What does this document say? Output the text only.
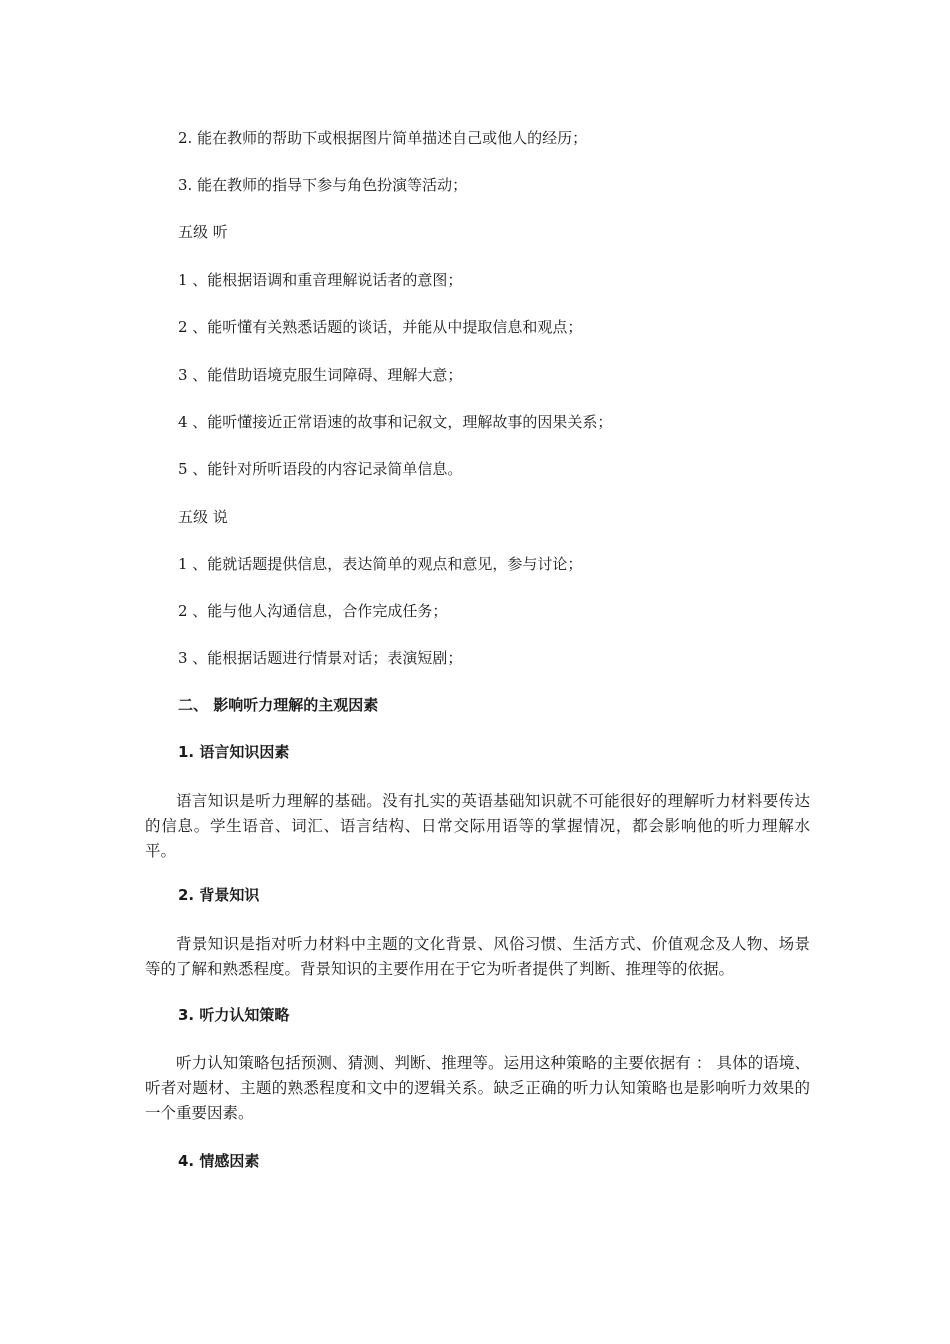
2. 能在教师的帮助下或根据图片简单描述自己或他人的经历；
3. 能在教师的指导下参与角色扮演等活动；
五级 听
1 、能根据语调和重音理解说话者的意图；
2 、能听懂有关熟悉话题的谈话，并能从中提取信息和观点；
3 、能借助语境克服生词障碍、理解大意；
4 、能听懂接近正常语速的故事和记叙文，理解故事的因果关系；
5 、能针对所听语段的内容记录简单信息。
五级 说
1 、能就话题提供信息，表达简单的观点和意见，参与讨论；
2 、能与他人沟通信息，合作完成任务；
3 、能根据话题进行情景对话；表演短剧；
二、 影响听力理解的主观因素
1. 语言知识因素
语言知识是听力理解的基础。没有扎实的英语基础知识就不可能很好的理解听力材料要传达的信息。学生语音、词汇、语言结构、日常交际用语等的掌握情况，都会影响他的听力理解水平。
2. 背景知识
背景知识是指对听力材料中主题的文化背景、风俗习惯、生活方式、价值观念及人物、场景等的了解和熟悉程度。背景知识的主要作用在于它为听者提供了判断、推理等的依据。
3. 听力认知策略
听力认知策略包括预测、猜测、判断、推理等。运用这种策略的主要依据有 ： 具体的语境、听者对题材、主题的熟悉程度和文中的逻辑关系。缺乏正确的听力认知策略也是影响听力效果的一个重要因素。
4. 情感因素
